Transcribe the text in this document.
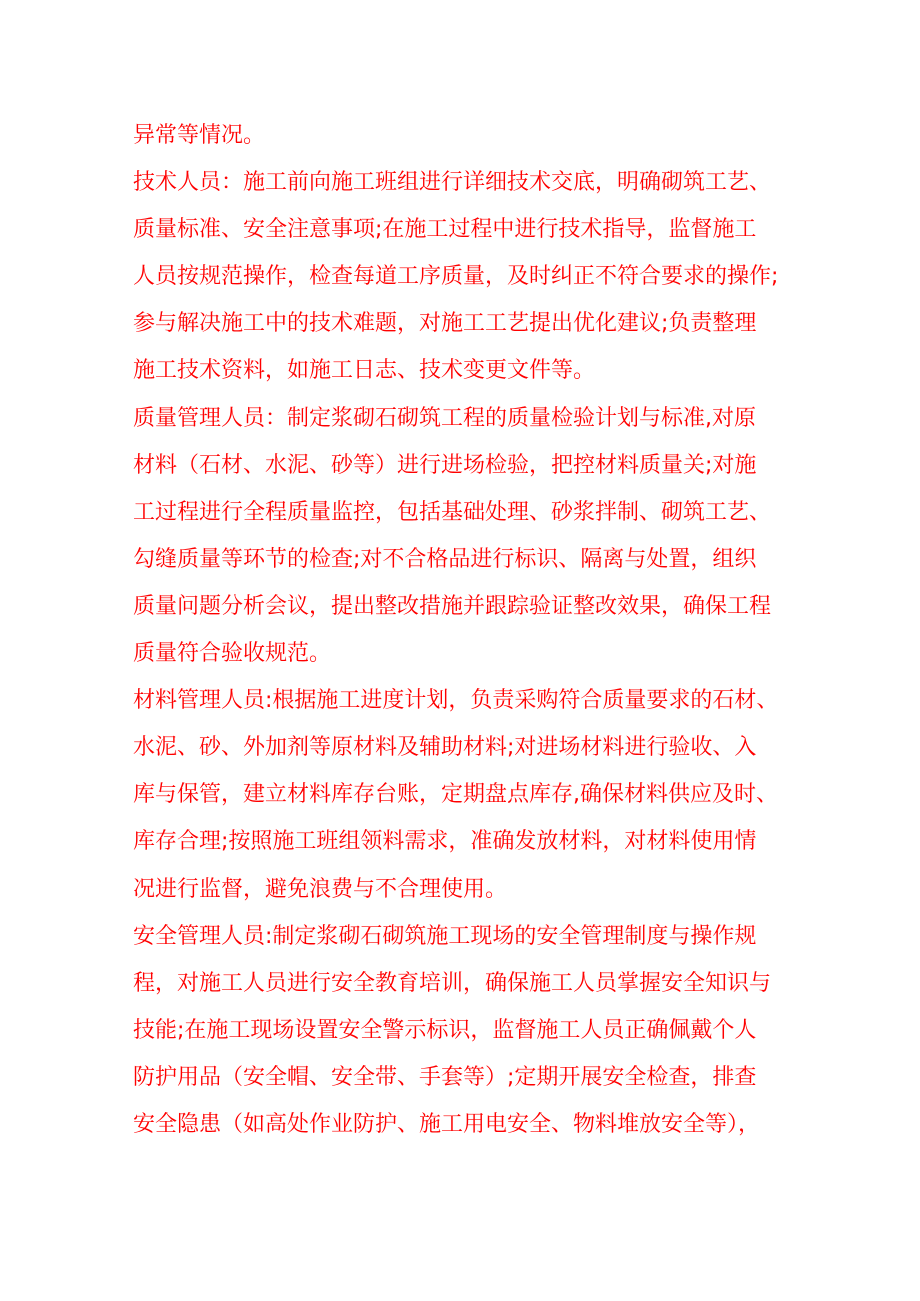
异常等情况。
技术人员：施工前向施工班组进行详细技术交底，明确砌筑工艺、
质量标准、安全注意事项;在施工过程中进行技术指导，监督施工
人员按规范操作，检查每道工序质量，及时纠正不符合要求的操作;
参与解决施工中的技术难题，对施工工艺提出优化建议;负责整理
施工技术资料，如施工日志、技术变更文件等。
质量管理人员：制定浆砌石砌筑工程的质量检验计划与标准,对原
材料（石材、水泥、砂等）进行进场检验，把控材料质量关;对施
工过程进行全程质量监控，包括基础处理、砂浆拌制、砌筑工艺、
勾缝质量等环节的检查;对不合格品进行标识、隔离与处置，组织
质量问题分析会议，提出整改措施并跟踪验证整改效果，确保工程
质量符合验收规范。
材料管理人员:根据施工进度计划，负责采购符合质量要求的石材、
水泥、砂、外加剂等原材料及辅助材料;对进场材料进行验收、入
库与保管，建立材料库存台账，定期盘点库存,确保材料供应及时、
库存合理;按照施工班组领料需求，准确发放材料，对材料使用情
况进行监督，避免浪费与不合理使用。
安全管理人员:制定浆砌石砌筑施工现场的安全管理制度与操作规
程，对施工人员进行安全教育培训，确保施工人员掌握安全知识与
技能;在施工现场设置安全警示标识，监督施工人员正确佩戴个人
防护用品（安全帽、安全带、手套等）;定期开展安全检查，排查
安全隐患（如高处作业防护、施工用电安全、物料堆放安全等），
